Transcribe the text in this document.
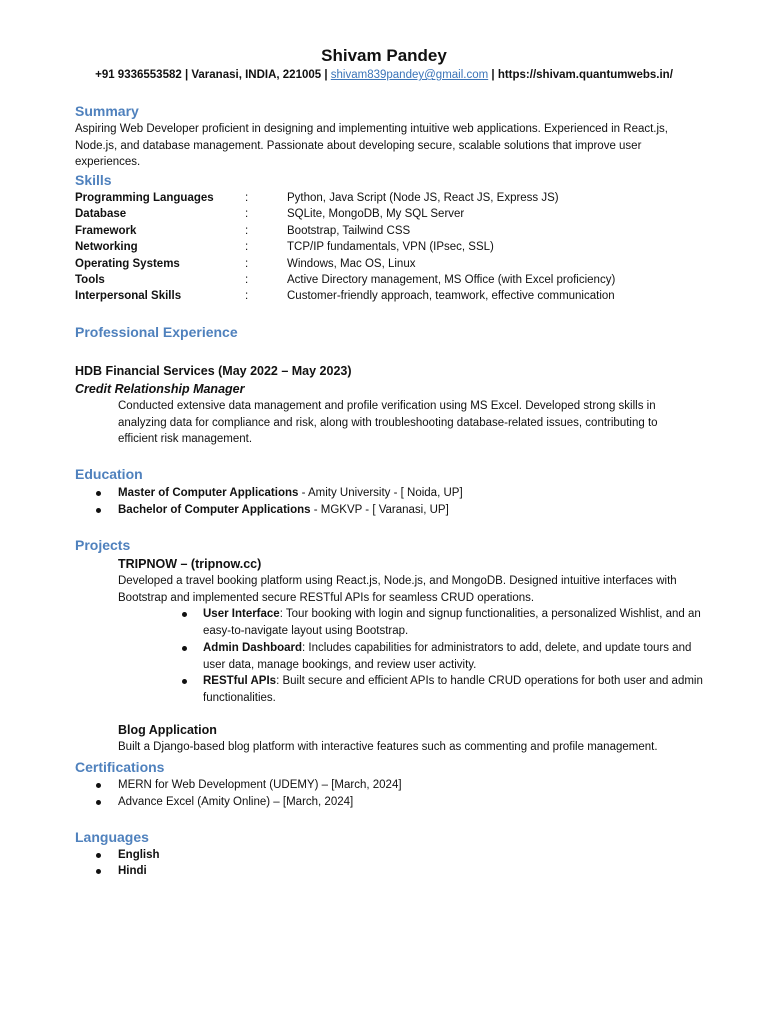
Shivam Pandey
+91 9336553582 | Varanasi, INDIA, 221005 | shivam839pandey@gmail.com | https://shivam.quantumwebs.in/
Summary
Aspiring Web Developer proficient in designing and implementing intuitive web applications. Experienced in React.js, Node.js, and database management. Passionate about developing secure, scalable solutions that improve user experiences.
Skills
Programming Languages	:	Python, Java Script (Node JS, React JS, Express JS)
Database	:	SQLite, MongoDB, My SQL Server
Framework	:	Bootstrap, Tailwind CSS
Networking	:	TCP/IP fundamentals, VPN (IPsec, SSL)
Operating Systems	:	Windows, Mac OS, Linux
Tools	:	Active Directory management, MS Office (with Excel proficiency)
Interpersonal Skills	:	Customer-friendly approach, teamwork, effective communication
Professional Experience
HDB Financial Services (May 2022 – May 2023)
Credit Relationship Manager
Conducted extensive data management and profile verification using MS Excel. Developed strong skills in analyzing data for compliance and risk, along with troubleshooting database-related issues, contributing to efficient risk management.
Education
Master of Computer Applications - Amity University - [ Noida, UP]
Bachelor of Computer Applications - MGKVP - [ Varanasi, UP]
Projects
TRIPNOW – (tripnow.cc)
Developed a travel booking platform using React.js, Node.js, and MongoDB. Designed intuitive interfaces with Bootstrap and implemented secure RESTful APIs for seamless CRUD operations.
User Interface: Tour booking with login and signup functionalities, a personalized Wishlist, and an easy-to-navigate layout using Bootstrap.
Admin Dashboard: Includes capabilities for administrators to add, delete, and update tours and user data, manage bookings, and review user activity.
RESTful APIs: Built secure and efficient APIs to handle CRUD operations for both user and admin functionalities.
Blog Application
Built a Django-based blog platform with interactive features such as commenting and profile management.
Certifications
MERN for Web Development (UDEMY) – [March, 2024]
Advance Excel (Amity Online) – [March, 2024]
Languages
English
Hindi
